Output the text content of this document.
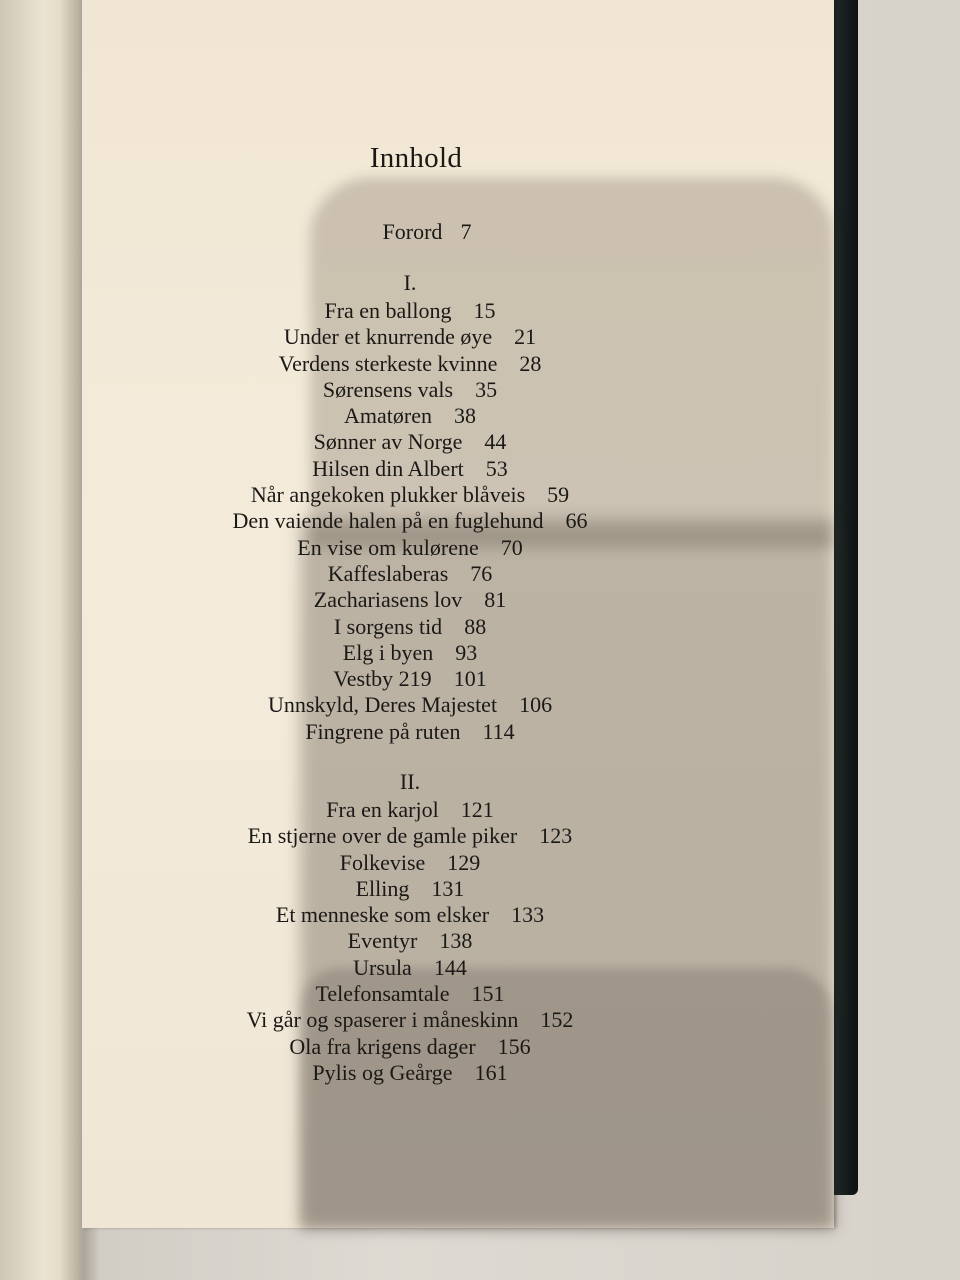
Innhold
Forord 7
I.
Fra en ballong 15
Under et knurrende øye 21
Verdens sterkeste kvinne 28
Sørensens vals 35
Amatøren 38
Sønner av Norge 44
Hilsen din Albert 53
Når angekoken plukker blåveis 59
Den vaiende halen på en fuglehund 66
En vise om kulørene 70
Kaffeslaberas 76
Zachariasens lov 81
I sorgens tid 88
Elg i byen 93
Vestby 219 101
Unnskyld, Deres Majestet 106
Fingrene på ruten 114
II.
Fra en karjol 121
En stjerne over de gamle piker 123
Folkevise 129
Elling 131
Et menneske som elsker 133
Eventyr 138
Ursula 144
Telefonsamtale 151
Vi går og spaserer i måneskinn 152
Ola fra krigens dager 156
Pylis og Geårge 161
